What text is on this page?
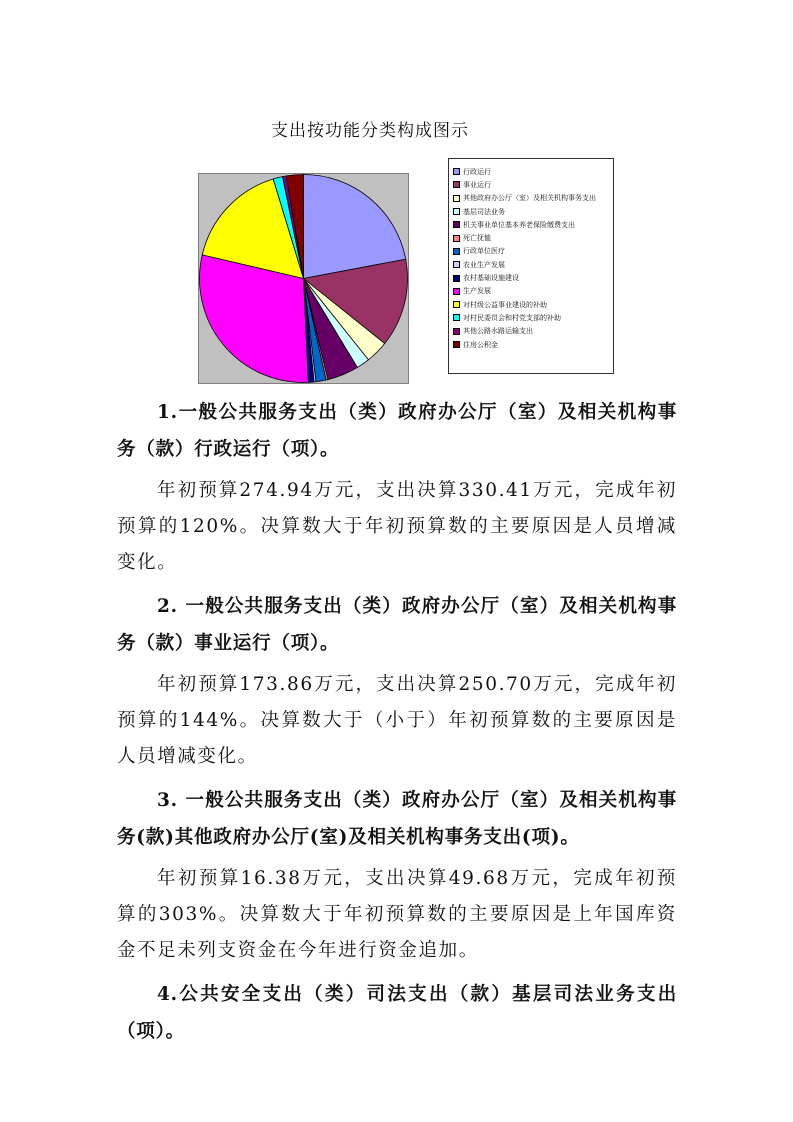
支出按功能分类构成图示
行政运行
事业运行
其他政府办公厅（室）及相关机构事务支出
基层司法业务
机关事业单位基本养老保险缴费支出
死亡抚恤
行政单位医疗
农业生产发展
农村基础设施建设
生产发展
对村级公益事业建设的补助
对村民委员会和村党支部的补助
其他公路水路运输支出
住房公积金

1.一般公共服务支出（类）政府办公厅（室）及相关机构事务（款）行政运行（项）。

年初预算274.94万元，支出决算330.41万元，完成年初预算的120%。决算数大于年初预算数的主要原因是人员增减变化。

2. 一般公共服务支出（类）政府办公厅（室）及相关机构事务（款）事业运行（项）。

年初预算173.86万元，支出决算250.70万元，完成年初预算的144%。决算数大于（小于）年初预算数的主要原因是人员增减变化。

3. 一般公共服务支出（类）政府办公厅（室）及相关机构事务(款)其他政府办公厅(室)及相关机构事务支出(项)。

年初预算16.38万元，支出决算49.68万元，完成年初预算的303%。决算数大于年初预算数的主要原因是上年国库资金不足未列支资金在今年进行资金追加。

4.公共安全支出（类）司法支出（款）基层司法业务支出（项）。
